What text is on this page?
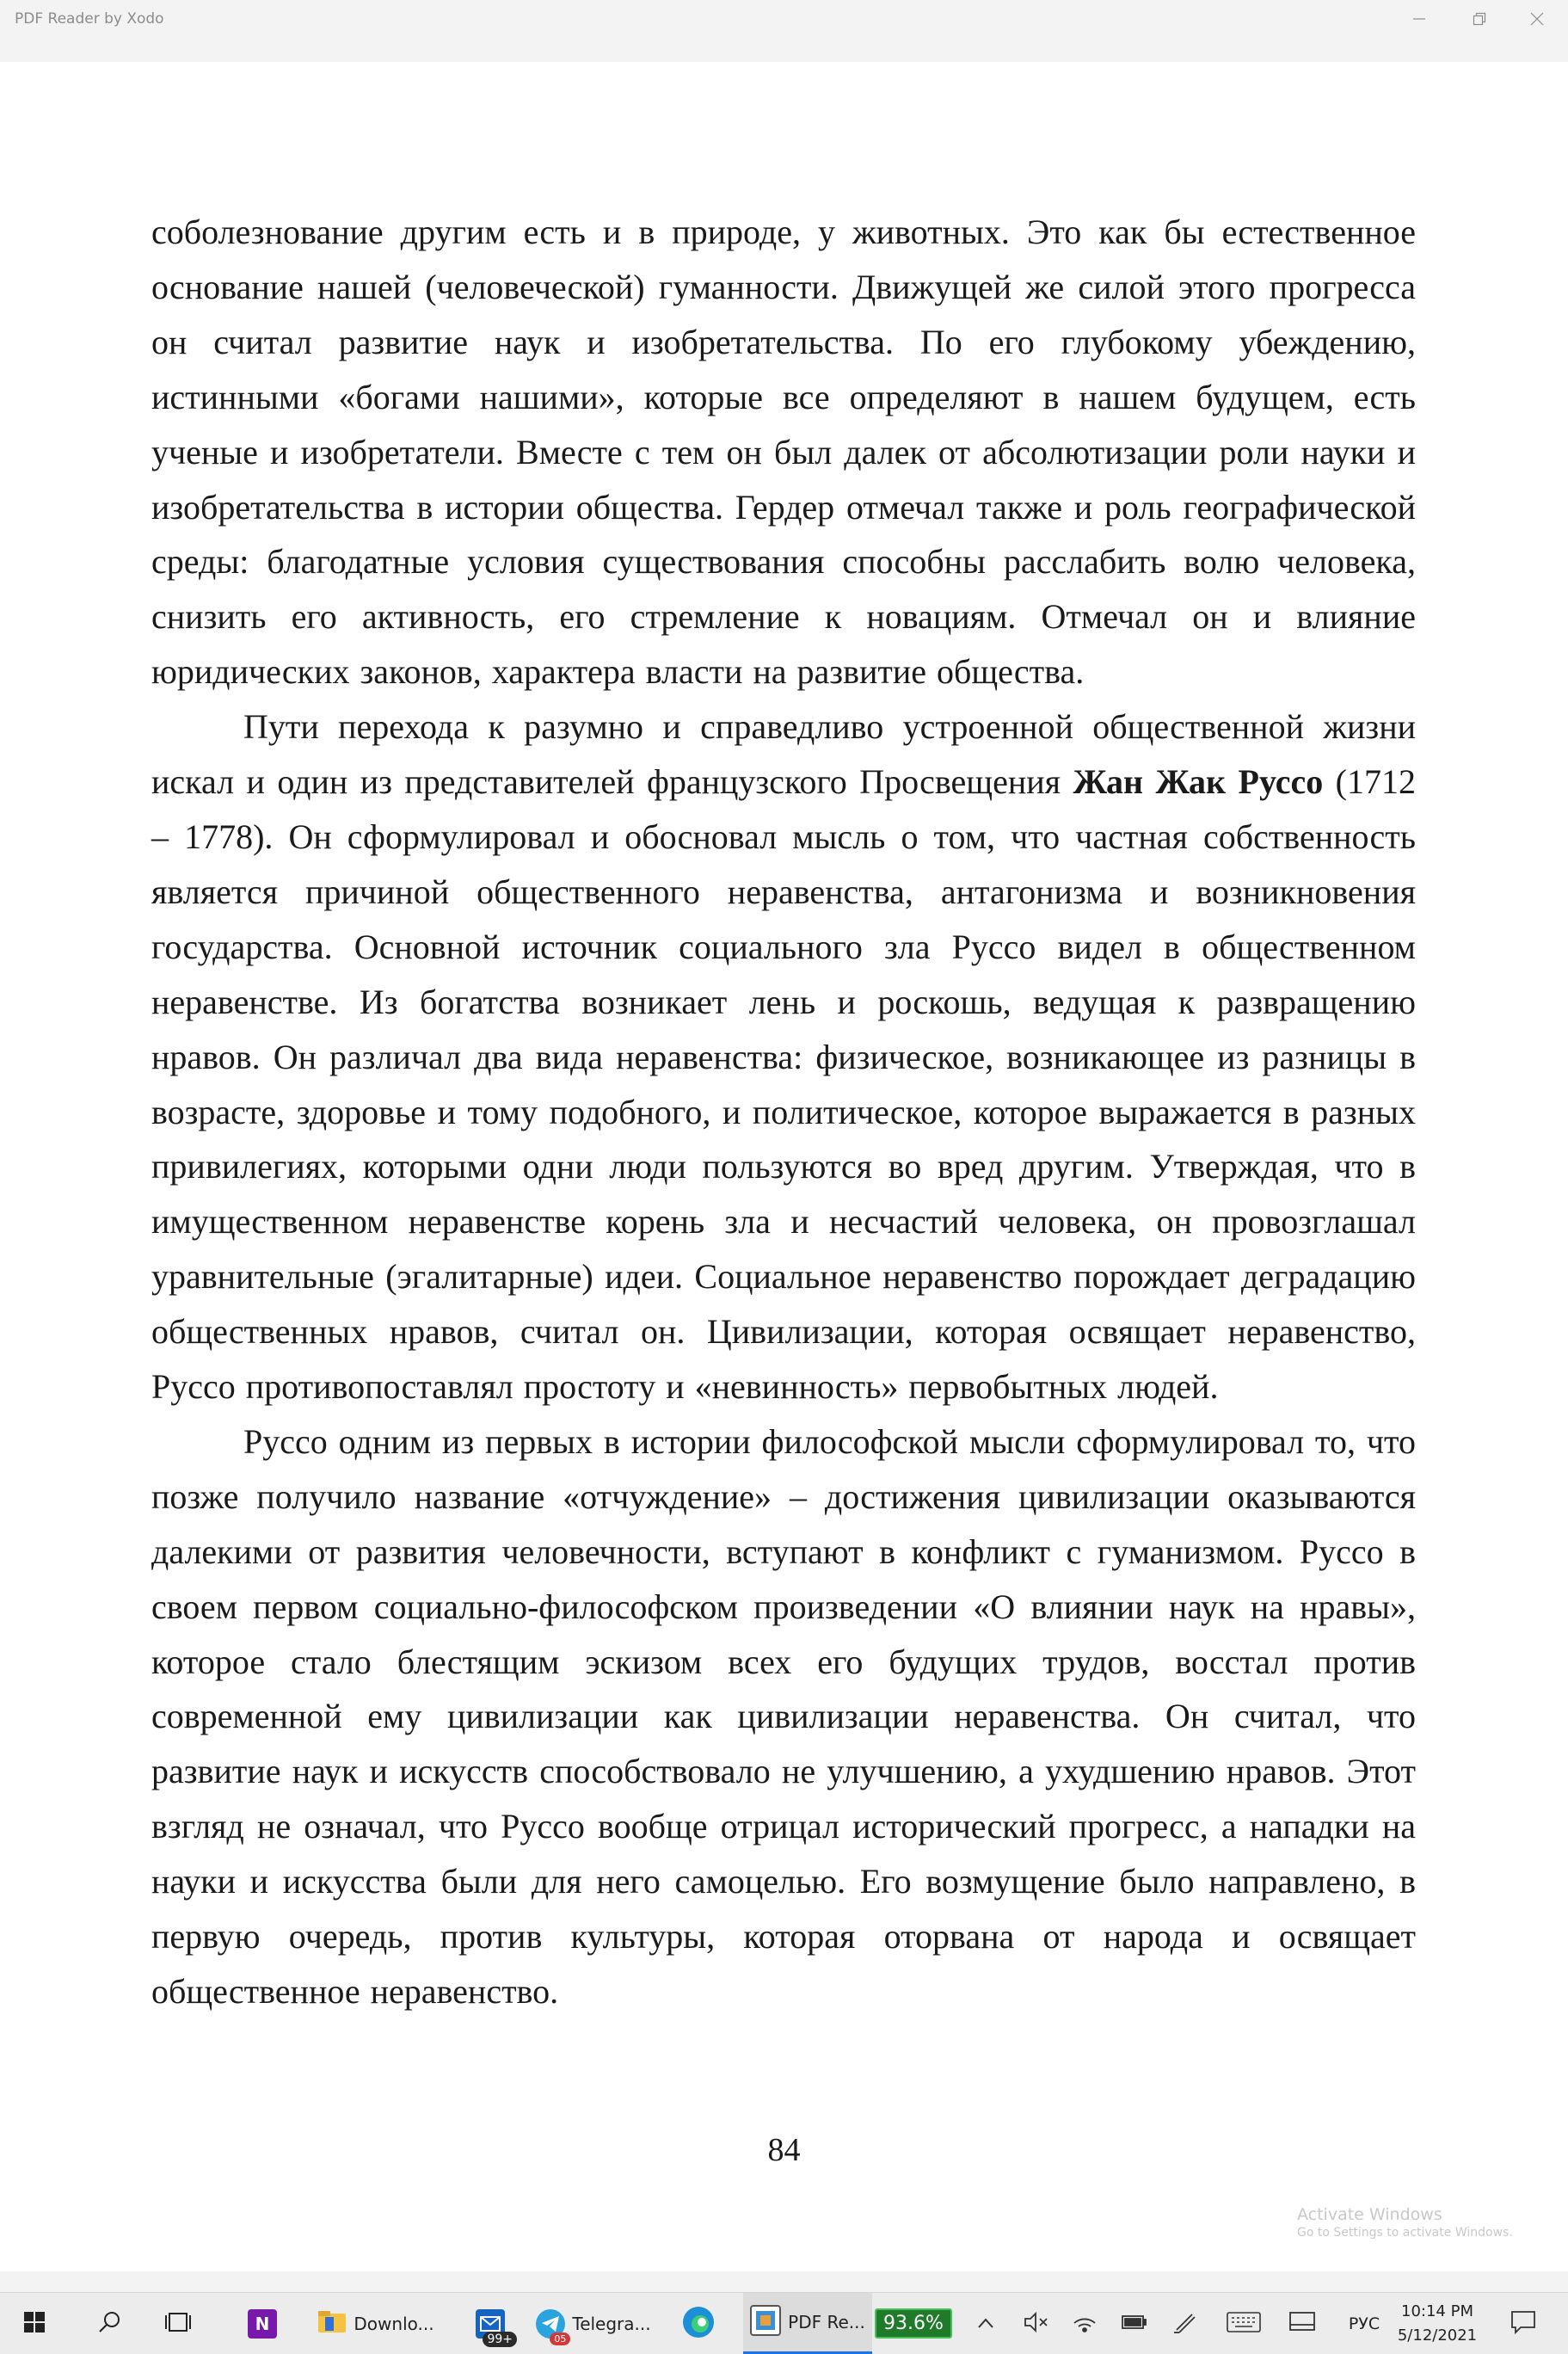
PDF Reader by Xodo

соболезнование другим есть и в природе, у животных. Это как бы естественное основание нашей (человеческой) гуманности. Движущей же силой этого прогресса он считал развитие наук и изобретательства. По его глубокому убеждению, истинными «богами нашими», которые все определяют в нашем будущем, есть ученые и изобретатели. Вместе с тем он был далек от абсолютизации роли науки и изобретательства в истории общества. Гердер отмечал также и роль географической среды: благодатные условия существования способны расслабить волю человека, снизить его активность, его стремление к новациям. Отмечал он и влияние юридических законов, характера власти на развитие общества.

Пути перехода к разумно и справедливо устроенной общественной жизни искал и один из представителей французского Просвещения Жан Жак Руссо (1712 – 1778). Он сформулировал и обосновал мысль о том, что частная собственность является причиной общественного неравенства, антагонизма и возникновения государства. Основной источник социального зла Руссо видел в общественном неравенстве. Из богатства возникает лень и роскошь, ведущая к развращению нравов. Он различал два вида неравенства: физическое, возникающее из разницы в возрасте, здоровье и тому подобного, и политическое, которое выражается в разных привилегиях, которыми одни люди пользуются во вред другим. Утверждая, что в имущественном неравенстве корень зла и несчастий человека, он провозглашал уравнительные (эгалитарные) идеи. Социальное неравенство порождает деградацию общественных нравов, считал он. Цивилизации, которая освящает неравенство, Руссо противопоставлял простоту и «невинность» первобытных людей.

Руссо одним из первых в истории философской мысли сформулировал то, что позже получило название «отчуждение» – достижения цивилизации оказываются далекими от развития человечности, вступают в конфликт с гуманизмом. Руссо в своем первом социально-философском произведении «О влиянии наук на нравы», которое стало блестящим эскизом всех его будущих трудов, восстал против современной ему цивилизации как цивилизации неравенства. Он считал, что развитие наук и искусств способствовало не улучшению, а ухудшению нравов. Этот взгляд не означал, что Руссо вообще отрицал исторический прогресс, а нападки на науки и искусства были для него самоцелью. Его возмущение было направлено, в первую очередь, против культуры, которая оторвана от народа и освящает общественное неравенство.

84
Activate Windows
Go to Settings to activate Windows.
N	Downlo...
99+	05
Telegra...	PDF Re... 93.6%	РУС
10:14 PM
5/12/2021
